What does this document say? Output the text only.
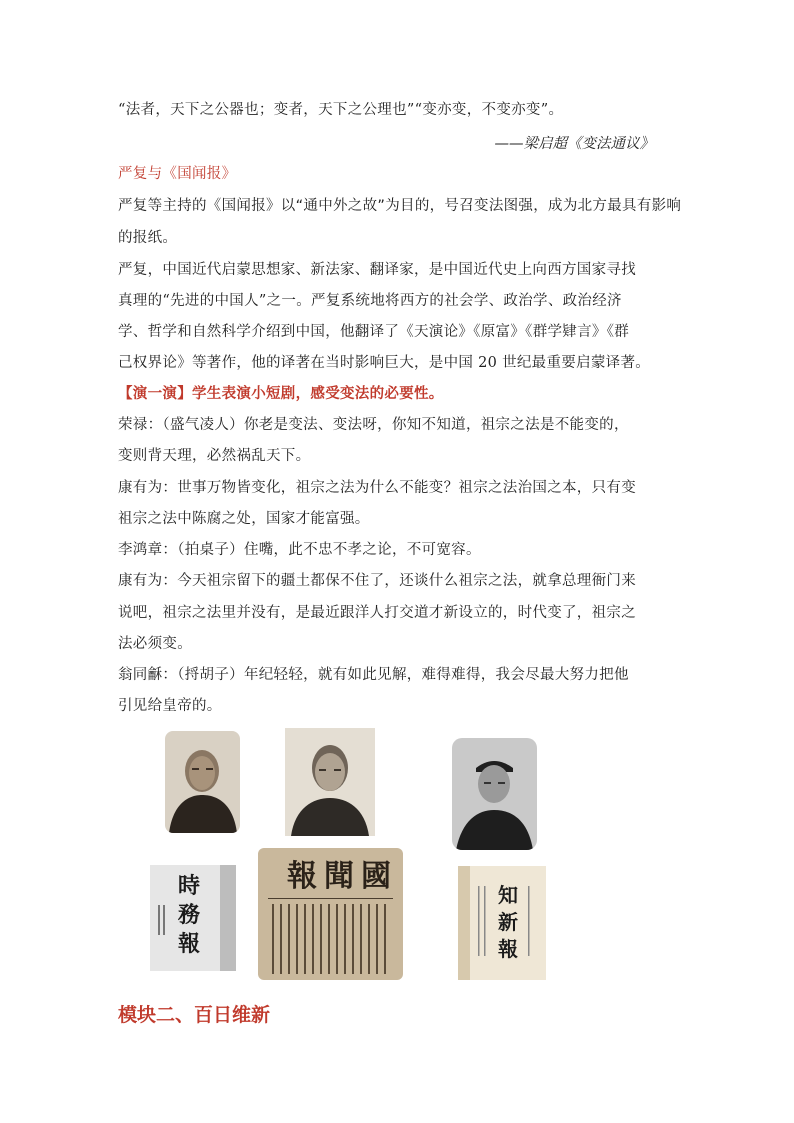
“法者，天下之公器也；变者，天下之公理也”“变亦变，不变亦变”。
——梁启超《变法通议》
严复与《国闻报》
严复等主持的《国闻报》以“通中外之故”为目的，号召变法图强，成为北方最具有影响
的报纸。
严复，中国近代启蒙思想家、新法家、翻译家，是中国近代史上向西方国家寻找
真理的“先进的中国人”之一。严复系统地将西方的社会学、政治学、政治经济
学、哲学和自然科学介绍到中国，他翻译了《天演论》《原富》《群学肄言》《群
己权界论》等著作，他的译著在当时影响巨大，是中国 20 世纪最重要启蒙译著。
【演一演】学生表演小短剧，感受变法的必要性。
荣禄：（盛气凌人）你老是变法、变法呀，你知不知道，祖宗之法是不能变的，
变则背天理，必然祸乱天下。
康有为：世事万物皆变化，祖宗之法为什么不能变？祖宗之法治国之本，只有变
祖宗之法中陈腐之处，国家才能富强。
李鸿章：（拍桌子）住嘴，此不忠不孝之论，不可宽容。
康有为：今天祖宗留下的疆土都保不住了，还谈什么祖宗之法，就拿总理衙门来
说吧，祖宗之法里并没有，是最近跟洋人打交道才新设立的，时代变了，祖宗之
法必须变。
翁同龢：（捋胡子）年纪轻轻，就有如此见解，难得难得，我会尽最大努力把他
引见给皇帝的。
時
務
報
國
聞
報
知
新
報
模块二、百日维新
